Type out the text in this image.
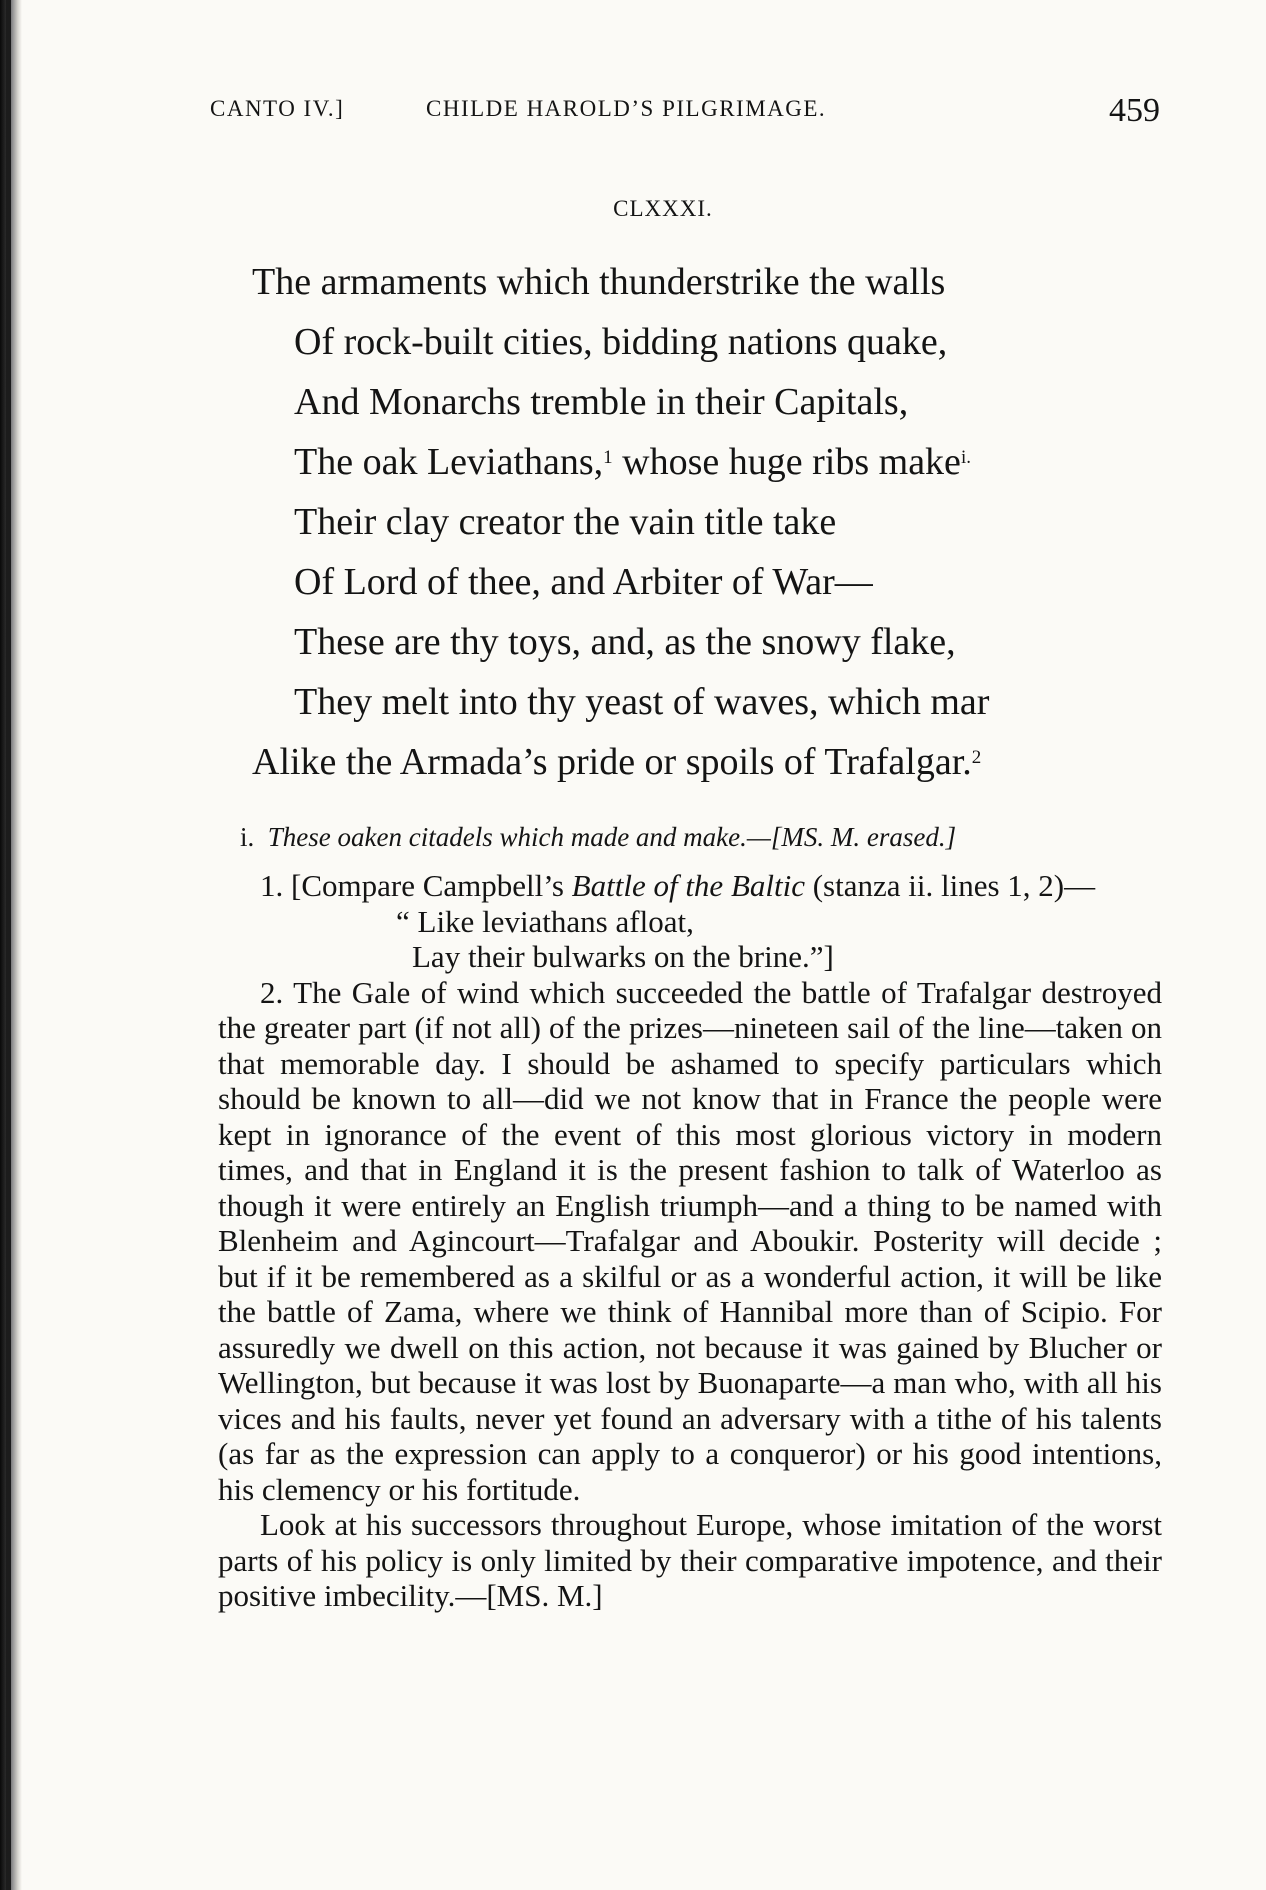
CANTO IV.]	CHILDE HAROLD’S PILGRIMAGE.	459
CLXXXI.
The armaments which thunderstrike the walls
Of rock-built cities, bidding nations quake,
And Monarchs tremble in their Capitals,
The oak Leviathans,$^1$ whose huge ribs make$^{i.}$
Their clay creator the vain title take
Of Lord of thee, and Arbiter of War—
These are thy toys, and, as the snowy flake,
They melt into thy yeast of waves, which mar
Alike the Armada’s pride or spoils of Trafalgar.$^2$
i. These oaken citadels which made and make.—[MS. M. erased.]

1. [Compare Campbell’s Battle of the Baltic (stanza ii. lines 1, 2)—

“ Like leviathans afloat,
Lay their bulwarks on the brine.”]

2. The Gale of wind which succeeded the battle of Trafalgar destroyed the greater part (if not all) of the prizes—nineteen sail of the line—taken on that memorable day. I should be ashamed to specify particulars which should be known to all—did we not know that in France the people were kept in ignorance of the event of this most glorious victory in modern times, and that in England it is the present fashion to talk of Waterloo as though it were entirely an English triumph—and a thing to be named with Blenheim and Agincourt—Trafalgar and Aboukir. Posterity will decide ; but if it be remembered as a skilful or as a wonderful action, it will be like the battle of Zama, where we think of Hannibal more than of Scipio. For assuredly we dwell on this action, not because it was gained by Blucher or Wellington, but because it was lost by Buonaparte—a man who, with all his vices and his faults, never yet found an adversary with a tithe of his talents (as far as the expression can apply to a conqueror) or his good intentions, his clemency or his fortitude.

Look at his successors throughout Europe, whose imitation of the worst parts of his policy is only limited by their comparative impotence, and their positive imbecility.—[MS. M.]
